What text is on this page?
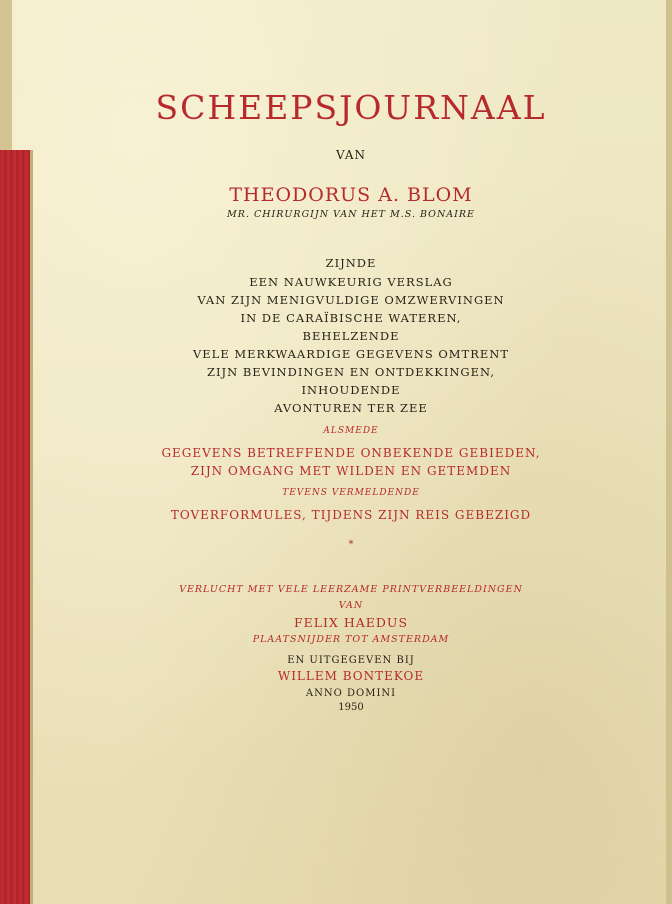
SCHEEPSJOURNAAL
VAN
THEODORUS A. BLOM
MR. CHIRURGIJN VAN HET M.S. BONAIRE
ZIJNDE
EEN NAUWKEURIG VERSLAG
VAN ZIJN MENIGVULDIGE OMZWERVINGEN
IN DE CARAÏBISCHE WATEREN,
BEHELZENDE
VELE MERKWAARDIGE GEGEVENS OMTRENT
ZIJN BEVINDINGEN EN ONTDEKKINGEN,
INHOUDENDE
AVONTUREN TER ZEE
ALSMEDE
GEGEVENS BETREFFENDE ONBEKENDE GEBIEDEN,
ZIJN OMGANG MET WILDEN EN GETEMDEN
TEVENS VERMELDENDE
TOVERFORMULES, TIJDENS ZIJN REIS GEBEZIGD
*
VERLUCHT MET VELE LEERZAME PRINTVERBEELDINGEN
VAN
FELIX HAEDUS
PLAATSNIJDER TOT AMSTERDAM
EN UITGEGEVEN BIJ
WILLEM BONTEKOE
ANNO DOMINI
1950
